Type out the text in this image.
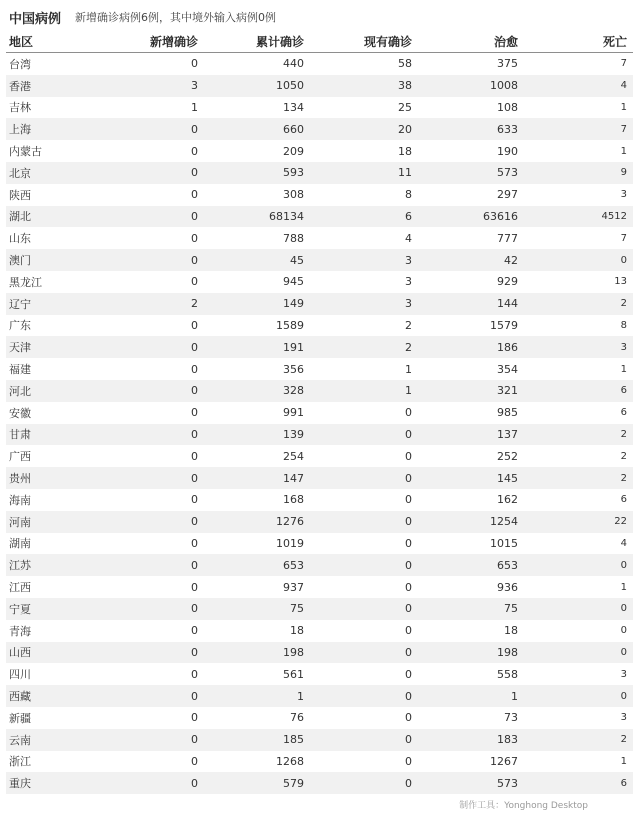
中国病例 新增确诊病例6例，其中境外输入病例0例
地区	新增确诊	累计确诊	现有确诊	治愈	死亡
台湾	0	440	58	375	7
香港	3	1050	38	1008	4
吉林	1	134	25	108	1
上海	0	660	20	633	7
内蒙古	0	209	18	190	1
北京	0	593	11	573	9
陕西	0	308	8	297	3
湖北	0	68134	6	63616	4512
山东	0	788	4	777	7
澳门	0	45	3	42	0
黑龙江	0	945	3	929	13
辽宁	2	149	3	144	2
广东	0	1589	2	1579	8
天津	0	191	2	186	3
福建	0	356	1	354	1
河北	0	328	1	321	6
安徽	0	991	0	985	6
甘肃	0	139	0	137	2
广西	0	254	0	252	2
贵州	0	147	0	145	2
海南	0	168	0	162	6
河南	0	1276	0	1254	22
湖南	0	1019	0	1015	4
江苏	0	653	0	653	0
江西	0	937	0	936	1
宁夏	0	75	0	75	0
青海	0	18	0	18	0
山西	0	198	0	198	0
四川	0	561	0	558	3
西藏	0	1	0	1	0
新疆	0	76	0	73	3
云南	0	185	0	183	2
浙江	0	1268	0	1267	1
重庆	0	579	0	573	6
制作工具：Yonghong Desktop
